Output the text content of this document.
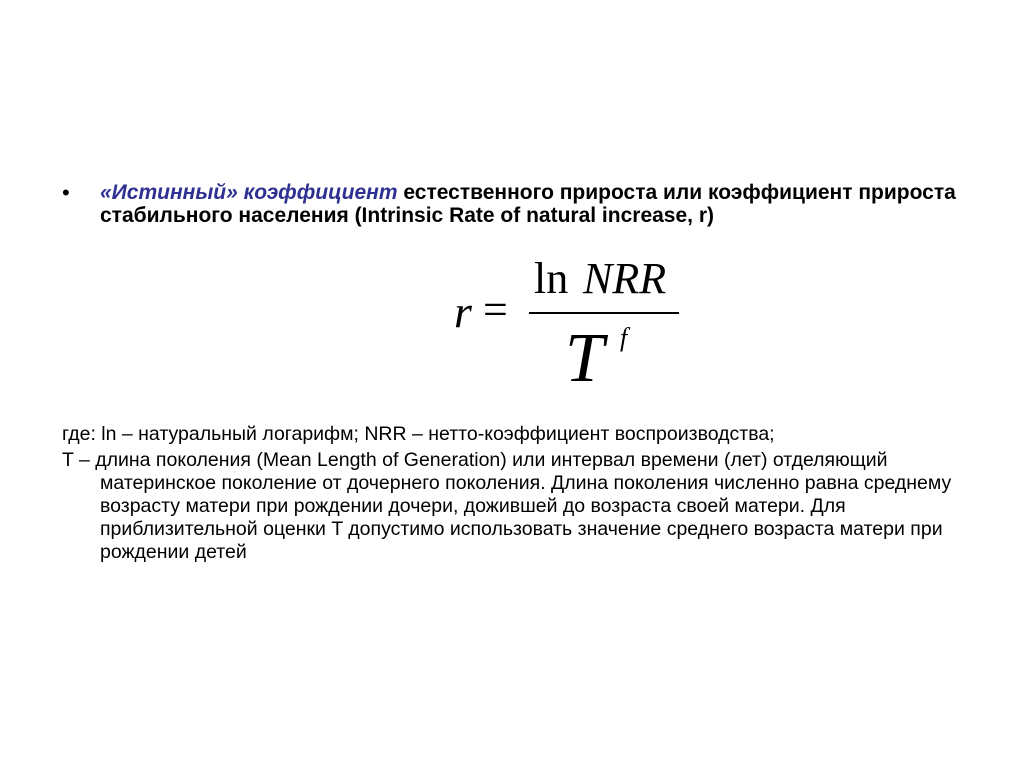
• «Истинный» коэффициент естественного прироста или коэффициент прироста стабильного населения (Intrinsic Rate of natural increase, r)
r =
ln NRR
T f

где: ln – натуральный логарифм; NRR – нетто-коэффициент воспроизводства;

T – длина поколения (Mean Length of Generation) или интервал времени (лет) отделяющий материнское поколение от дочернего поколения. Длина поколения численно равна среднему возрасту матери при рождении дочери, дожившей до возраста своей матери. Для приблизительной оценки T допустимо использовать значение среднего возраста матери при рождении детей
